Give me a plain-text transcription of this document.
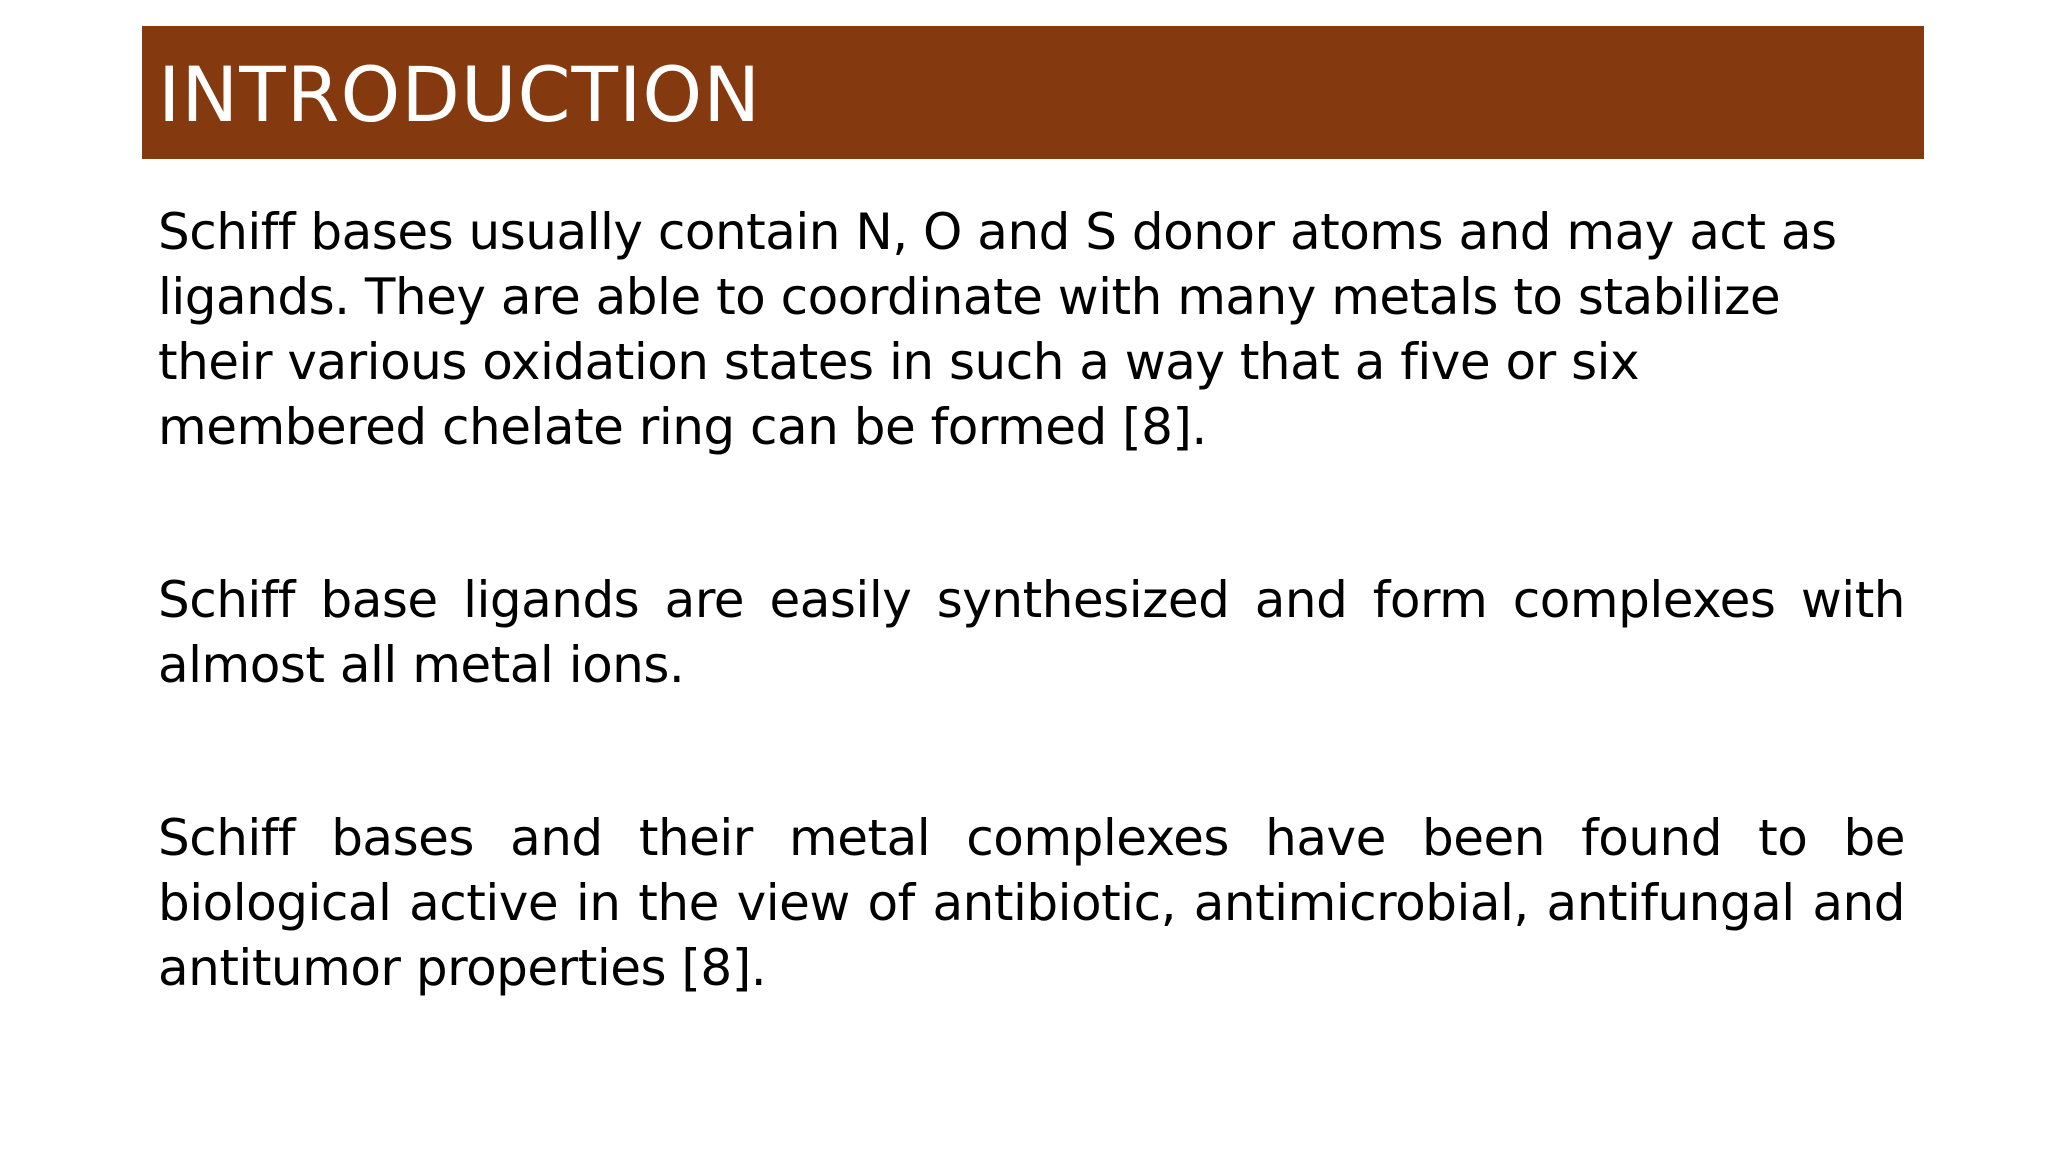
INTRODUCTION

Schiff bases usually contain N, O and S donor atoms and may act as ligands. They are able to coordinate with many metals to stabilize their various oxidation states in such a way that a five or six membered chelate ring can be formed [8].

Schiff base ligands are easily synthesized and form complexes with almost all metal ions.

Schiff bases and their metal complexes have been found to be biological active in the view of antibiotic, antimicrobial, antifungal and antitumor properties [8].
